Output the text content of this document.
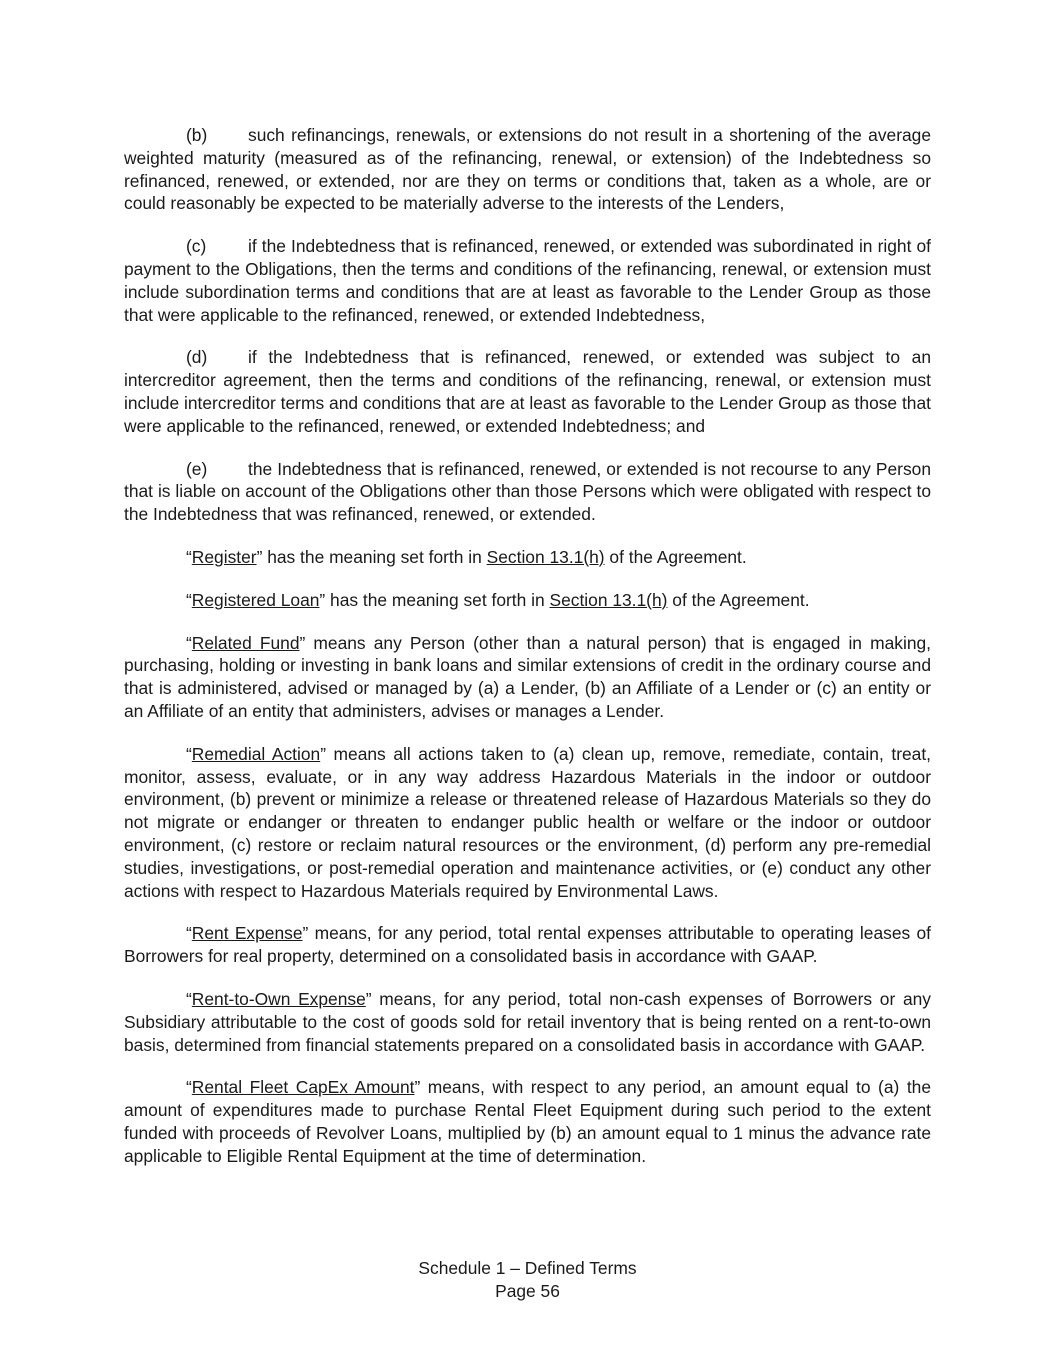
(b) such refinancings, renewals, or extensions do not result in a shortening of the average weighted maturity (measured as of the refinancing, renewal, or extension) of the Indebtedness so refinanced, renewed, or extended, nor are they on terms or conditions that, taken as a whole, are or could reasonably be expected to be materially adverse to the interests of the Lenders,

(c) if the Indebtedness that is refinanced, renewed, or extended was subordinated in right of payment to the Obligations, then the terms and conditions of the refinancing, renewal, or extension must include subordination terms and conditions that are at least as favorable to the Lender Group as those that were applicable to the refinanced, renewed, or extended Indebtedness,

(d) if the Indebtedness that is refinanced, renewed, or extended was subject to an intercreditor agreement, then the terms and conditions of the refinancing, renewal, or extension must include intercreditor terms and conditions that are at least as favorable to the Lender Group as those that were applicable to the refinanced, renewed, or extended Indebtedness; and

(e) the Indebtedness that is refinanced, renewed, or extended is not recourse to any Person that is liable on account of the Obligations other than those Persons which were obligated with respect to the Indebtedness that was refinanced, renewed, or extended.

“Register” has the meaning set forth in Section 13.1(h) of the Agreement.

“Registered Loan” has the meaning set forth in Section 13.1(h) of the Agreement.

“Related Fund” means any Person (other than a natural person) that is engaged in making, purchasing, holding or investing in bank loans and similar extensions of credit in the ordinary course and that is administered, advised or managed by (a) a Lender, (b) an Affiliate of a Lender or (c) an entity or an Affiliate of an entity that administers, advises or manages a Lender.

“Remedial Action” means all actions taken to (a) clean up, remove, remediate, contain, treat, monitor, assess, evaluate, or in any way address Hazardous Materials in the indoor or outdoor environment, (b) prevent or minimize a release or threatened release of Hazardous Materials so they do not migrate or endanger or threaten to endanger public health or welfare or the indoor or outdoor environment, (c) restore or reclaim natural resources or the environment, (d) perform any pre-remedial studies, investigations, or post-remedial operation and maintenance activities, or (e) conduct any other actions with respect to Hazardous Materials required by Environmental Laws.

“Rent Expense” means, for any period, total rental expenses attributable to operating leases of Borrowers for real property, determined on a consolidated basis in accordance with GAAP.

“Rent-to-Own Expense” means, for any period, total non-cash expenses of Borrowers or any Subsidiary attributable to the cost of goods sold for retail inventory that is being rented on a rent-to-own basis, determined from financial statements prepared on a consolidated basis in accordance with GAAP.

“Rental Fleet CapEx Amount” means, with respect to any period, an amount equal to (a) the amount of expenditures made to purchase Rental Fleet Equipment during such period to the extent funded with proceeds of Revolver Loans, multiplied by (b) an amount equal to 1 minus the advance rate applicable to Eligible Rental Equipment at the time of determination.

Schedule 1 – Defined Terms
Page 56
